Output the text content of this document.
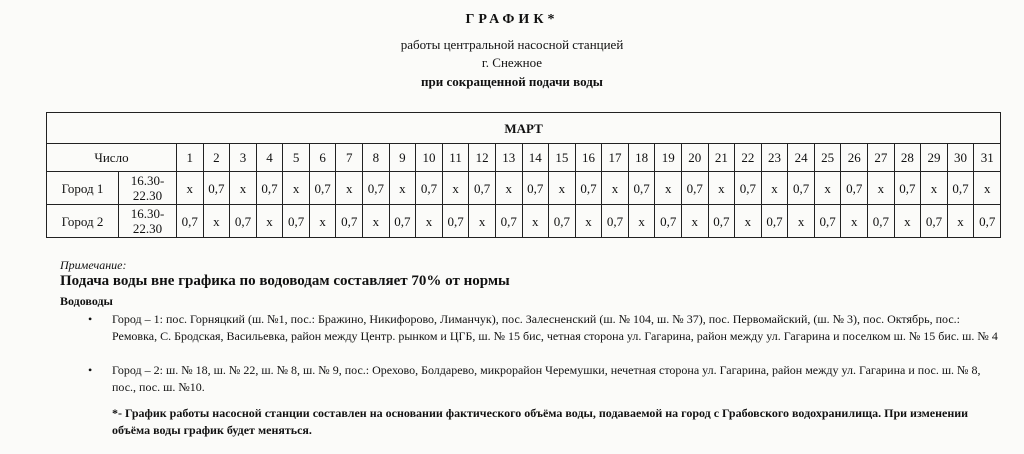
ГРАФИК*
работы центральной насосной станцией
г. Снежное
при сокращенной подачи воды
МАРТ																																
Число		1	2	3	4	5	6	7	8	9	10	11	12	13	14	15	16	17	18	19	20	21	22	23	24	25	26	27	28	29	30	31
Город 1	16.30-
22.30	x	0,7	x	0,7	x	0,7	x	0,7	x	0,7	x	0,7	x	0,7	x	0,7	x	0,7	x	0,7	x	0,7	x	0,7	x	0,7	x	0,7	x	0,7	x
Город 2	16.30-
22.30	0,7	x	0,7	x	0,7	x	0,7	x	0,7	x	0,7	x	0,7	x	0,7	x	0,7	x	0,7	x	0,7	x	0,7	x	0,7	x	0,7	x	0,7	x	0,7
Примечание:
Подача воды вне графика по водоводам составляет 70% от нормы
Водоводы
• Город – 1: пос. Горняцкий (ш. №1, пос.: Бражино, Никифорово, Лиманчук), пос. Залесненский (ш. № 104, ш. № 37), пос. Первомайский, (ш. № 3), пос. Октябрь, пос.: Ремовка, С. Бродская, Васильевка, район между Центр. рынком и ЦГБ, ш. № 15 бис, четная сторона ул. Гагарина, район между ул. Гагарина и поселком ш. № 15 бис. ш. № 4
• Город – 2: ш. № 18, ш. № 22, ш. № 8, ш. № 9, пос.: Орехово, Болдарево, микрорайон Черемушки, нечетная сторона ул. Гагарина, район между ул. Гагарина и пос. ш. № 8, пос., пос. ш. №10.
*- График работы насосной станции составлен на основании фактического объёма воды, подаваемой на город с Грабовского водохранилища. При изменении объёма воды график будет меняться.
